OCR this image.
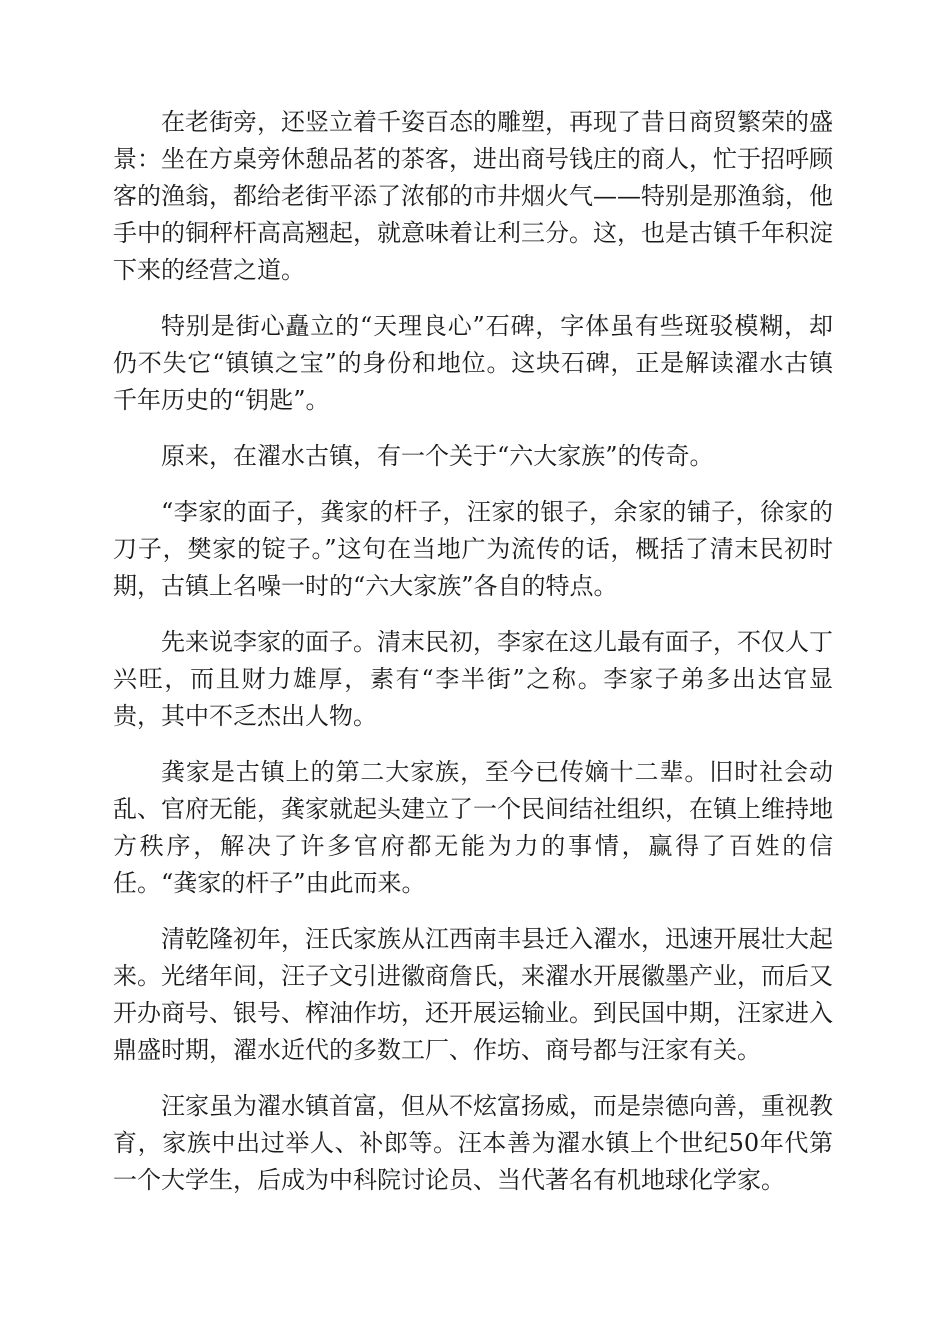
在老街旁，还竖立着千姿百态的雕塑，再现了昔日商贸繁荣的盛景：坐在方桌旁休憩品茗的茶客，进出商号钱庄的商人，忙于招呼顾客的渔翁，都给老街平添了浓郁的市井烟火气——特别是那渔翁，他手中的铜秤杆高高翘起，就意味着让利三分。这，也是古镇千年积淀下来的经营之道。

特别是街心矗立的“天理良心”石碑，字体虽有些斑驳模糊，却仍不失它“镇镇之宝”的身份和地位。这块石碑，正是解读濯水古镇千年历史的“钥匙”。

原来，在濯水古镇，有一个关于“六大家族”的传奇。

“李家的面子，龚家的杆子，汪家的银子，余家的铺子，徐家的刀子，樊家的锭子。”这句在当地广为流传的话，概括了清末民初时期，古镇上名噪一时的“六大家族”各自的特点。

先来说李家的面子。清末民初，李家在这儿最有面子，不仅人丁兴旺，而且财力雄厚，素有“李半街”之称。李家子弟多出达官显贵，其中不乏杰出人物。

龚家是古镇上的第二大家族，至今已传嫡十二辈。旧时社会动乱、官府无能，龚家就起头建立了一个民间结社组织，在镇上维持地方秩序，解决了许多官府都无能为力的事情，赢得了百姓的信任。“龚家的杆子”由此而来。

清乾隆初年，汪氏家族从江西南丰县迁入濯水，迅速开展壮大起来。光绪年间，汪子文引进徽商詹氏，来濯水开展徽墨产业，而后又开办商号、银号、榨油作坊，还开展运输业。到民国中期，汪家进入鼎盛时期，濯水近代的多数工厂、作坊、商号都与汪家有关。

汪家虽为濯水镇首富，但从不炫富扬威，而是崇德向善，重视教育，家族中出过举人、补郎等。汪本善为濯水镇上个世纪50年代第一个大学生，后成为中科院讨论员、当代著名有机地球化学家。
